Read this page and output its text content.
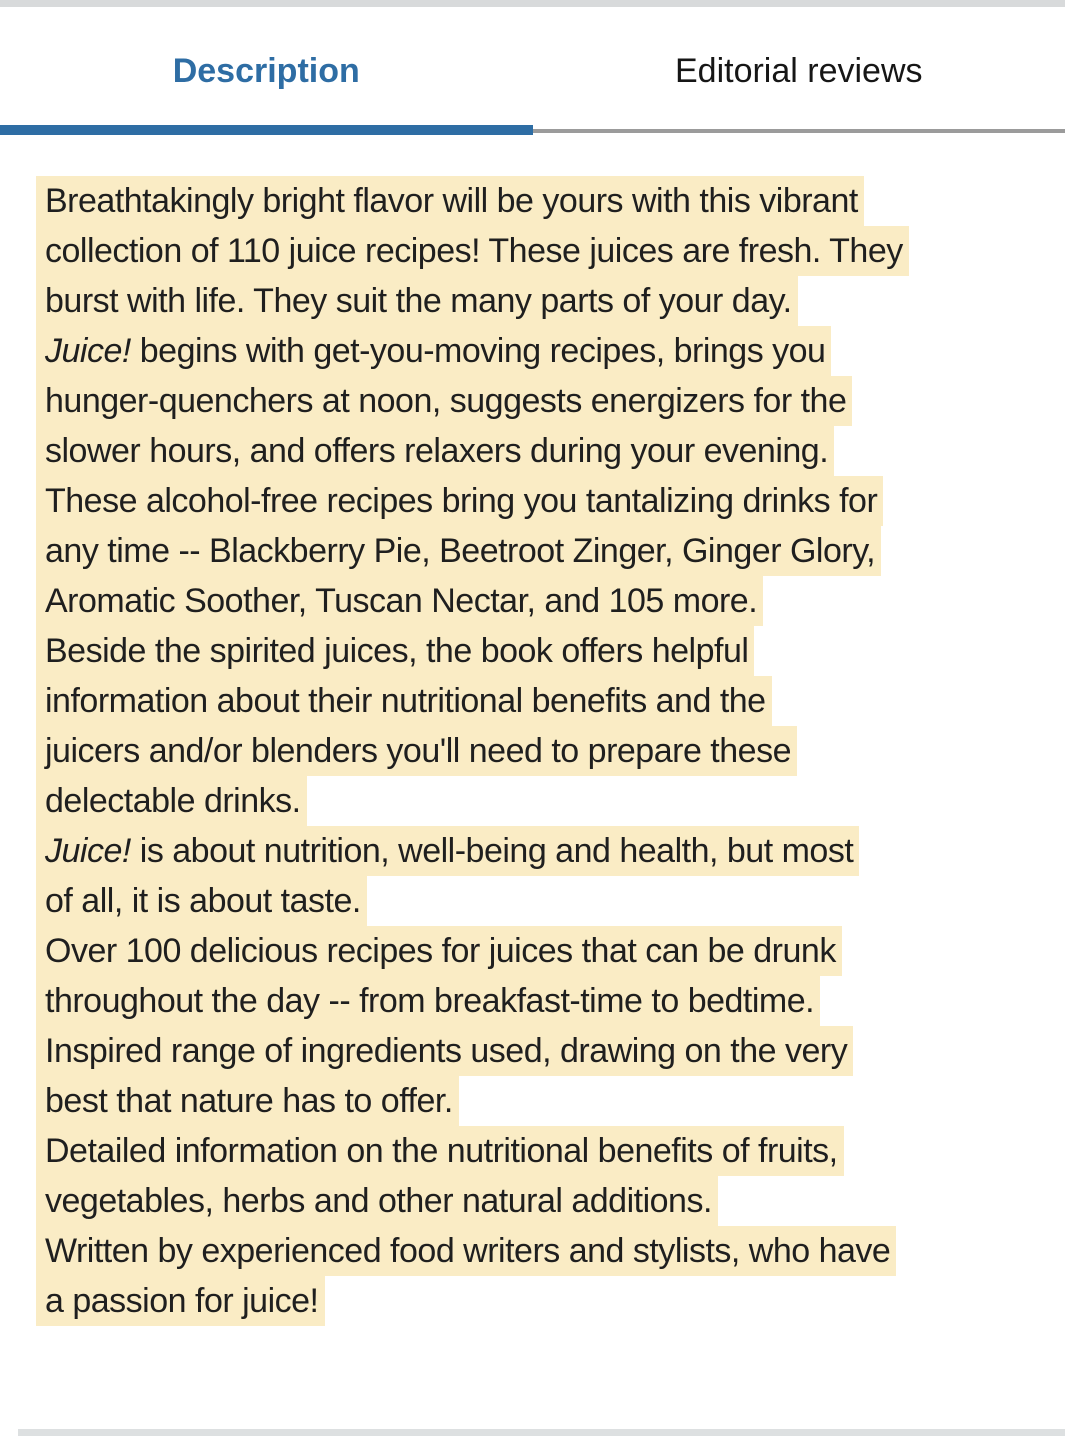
Description	Editorial reviews
Breathtakingly bright flavor will be yours with this vibrant
collection of 110 juice recipes! These juices are fresh. They
burst with life. They suit the many parts of your day.
Juice! begins with get-you-moving recipes, brings you
hunger-quenchers at noon, suggests energizers for the
slower hours, and offers relaxers during your evening.
These alcohol-free recipes bring you tantalizing drinks for
any time -- Blackberry Pie, Beetroot Zinger, Ginger Glory,
Aromatic Soother, Tuscan Nectar, and 105 more.
Beside the spirited juices, the book offers helpful
information about their nutritional benefits and the
juicers and/or blenders you'll need to prepare these
delectable drinks.
Juice! is about nutrition, well-being and health, but most
of all, it is about taste.
Over 100 delicious recipes for juices that can be drunk
throughout the day -- from breakfast-time to bedtime.
Inspired range of ingredients used, drawing on the very
best that nature has to offer.
Detailed information on the nutritional benefits of fruits,
vegetables, herbs and other natural additions.
Written by experienced food writers and stylists, who have
a passion for juice!
